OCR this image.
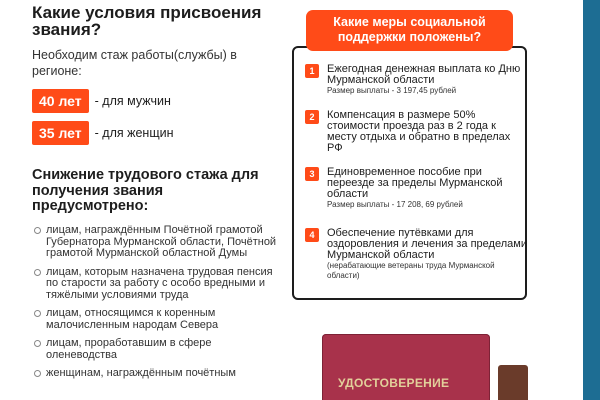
Какие условия присвоения звания?
Необходим стаж работы(службы) в регионе:
40 лет	- для мужчин
35 лет	- для женщин
Снижение трудового стажа для получения звания предусмотрено:
лицам, награждённым Почётной грамотой Губернатора Мурманской области, Почётной грамотой Мурманской областной Думы
лицам, которым назначена трудовая пенсия по старости за работу с особо вредными и тяжёлыми условиями труда
лицам, относящимся к коренным малочисленным народам Севера
лицам, проработавшим в сфере оленеводства
женщинам, награждённым почётным
Какие меры социальной поддержки положены?
1	Ежегодная денежная выплата ко Дню Мурманской области
Размер выплаты - 3 197,45 рублей
2	Компенсация в размере 50% стоимости проезда раз в 2 года к месту отдыха и обратно в пределах РФ
3	Единовременное пособие при переезде за пределы Мурманской области
Размер выплаты - 17 208, 69 рублей
4	Обеспечение путёвками для оздоровления и лечения за пределами Мурманской области
(нерабатающие ветераны труда Мурманской области)
УДОСТОВЕРЕНИЕ
